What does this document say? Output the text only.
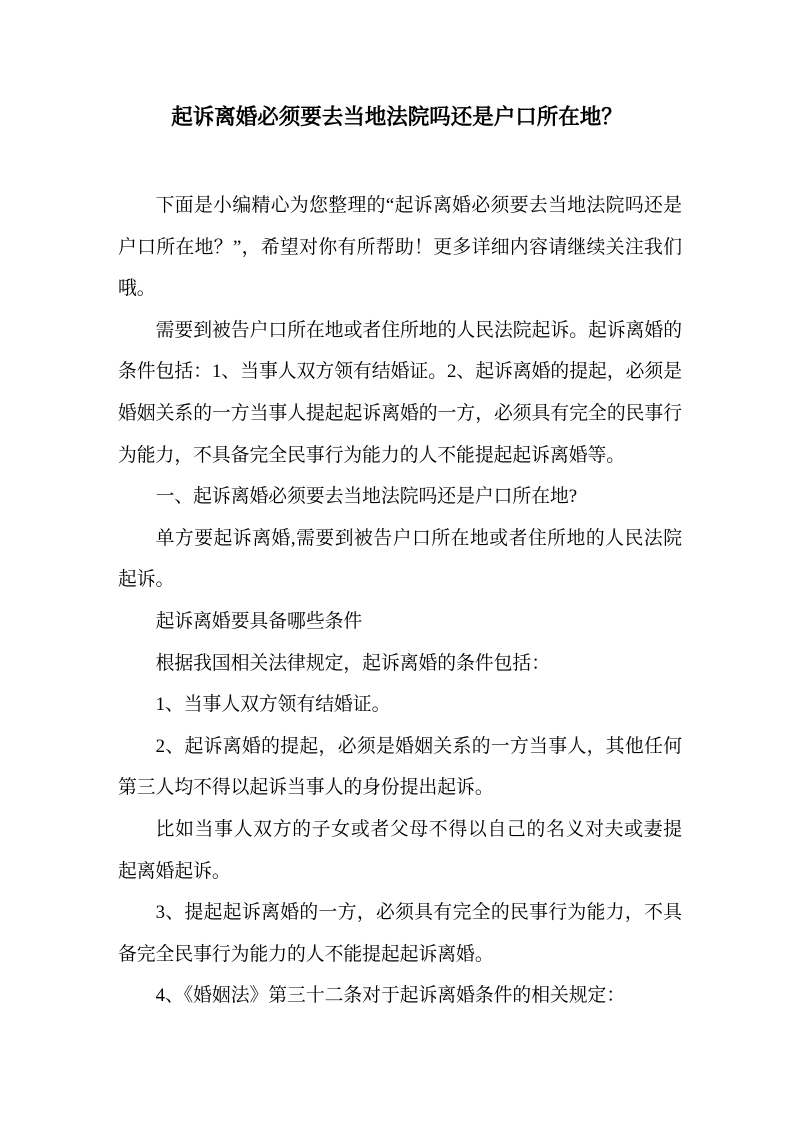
起诉离婚必须要去当地法院吗还是户口所在地？
下面是小编精心为您整理的“起诉离婚必须要去当地法院吗还是
户口所在地？”，希望对你有所帮助！更多详细内容请继续关注我们
哦。
需要到被告户口所在地或者住所地的人民法院起诉。起诉离婚的
条件包括：1、当事人双方领有结婚证。2、起诉离婚的提起，必须是
婚姻关系的一方当事人提起起诉离婚的一方，必须具有完全的民事行
为能力，不具备完全民事行为能力的人不能提起起诉离婚等。
一、起诉离婚必须要去当地法院吗还是户口所在地?
单方要起诉离婚,需要到被告户口所在地或者住所地的人民法院
起诉。
起诉离婚要具备哪些条件
根据我国相关法律规定，起诉离婚的条件包括：
1、当事人双方领有结婚证。
2、起诉离婚的提起，必须是婚姻关系的一方当事人，其他任何
第三人均不得以起诉当事人的身份提出起诉。
比如当事人双方的子女或者父母不得以自己的名义对夫或妻提
起离婚起诉。
3、提起起诉离婚的一方，必须具有完全的民事行为能力，不具
备完全民事行为能力的人不能提起起诉离婚。
4、《婚姻法》第三十二条对于起诉离婚条件的相关规定：
